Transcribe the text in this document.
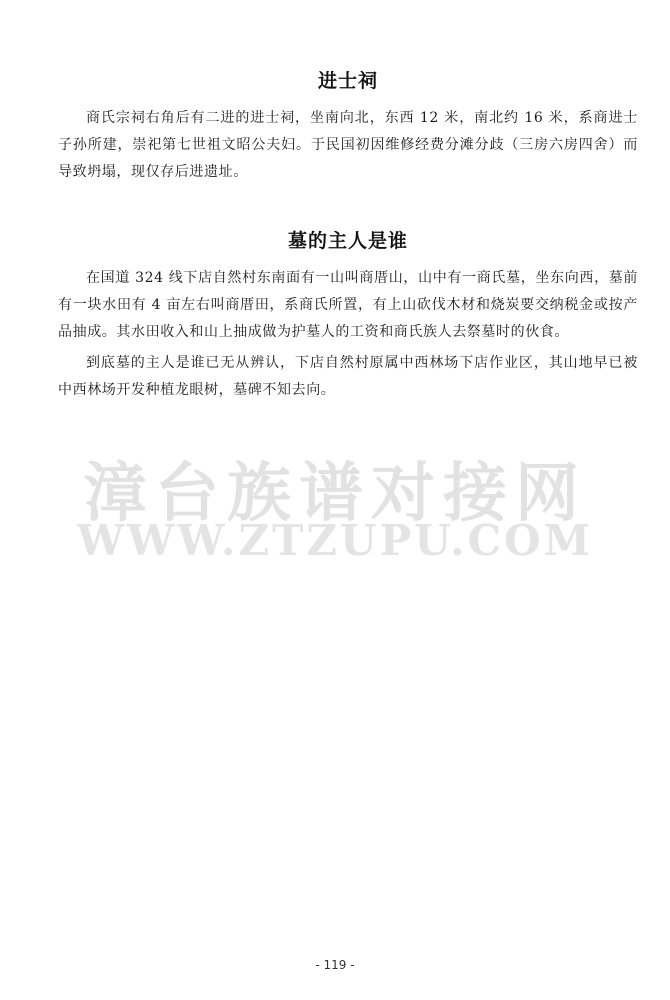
进士祠

商氏宗祠右角后有二进的进士祠，坐南向北，东西 12 米，南北约 16 米，系商进士子孙所建，崇祀第七世祖文昭公夫妇。于民国初因维修经费分滩分歧（三房六房四舍）而导致坍塌，现仅存后进遗址。

墓的主人是谁

在国道 324 线下店自然村东南面有一山叫商厝山，山中有一商氏墓，坐东向西，墓前有一块水田有 4 亩左右叫商厝田，系商氏所置，有上山砍伐木材和烧炭要交纳税金或按产品抽成。其水田收入和山上抽成做为护墓人的工资和商氏族人去祭墓时的伙食。

到底墓的主人是谁已无从辨认，下店自然村原属中西林场下店作业区，其山地早已被中西林场开发种植龙眼树，墓碑不知去向。

漳台族谱对接网
WWW.ZTZUPU.COM
- 119 -
